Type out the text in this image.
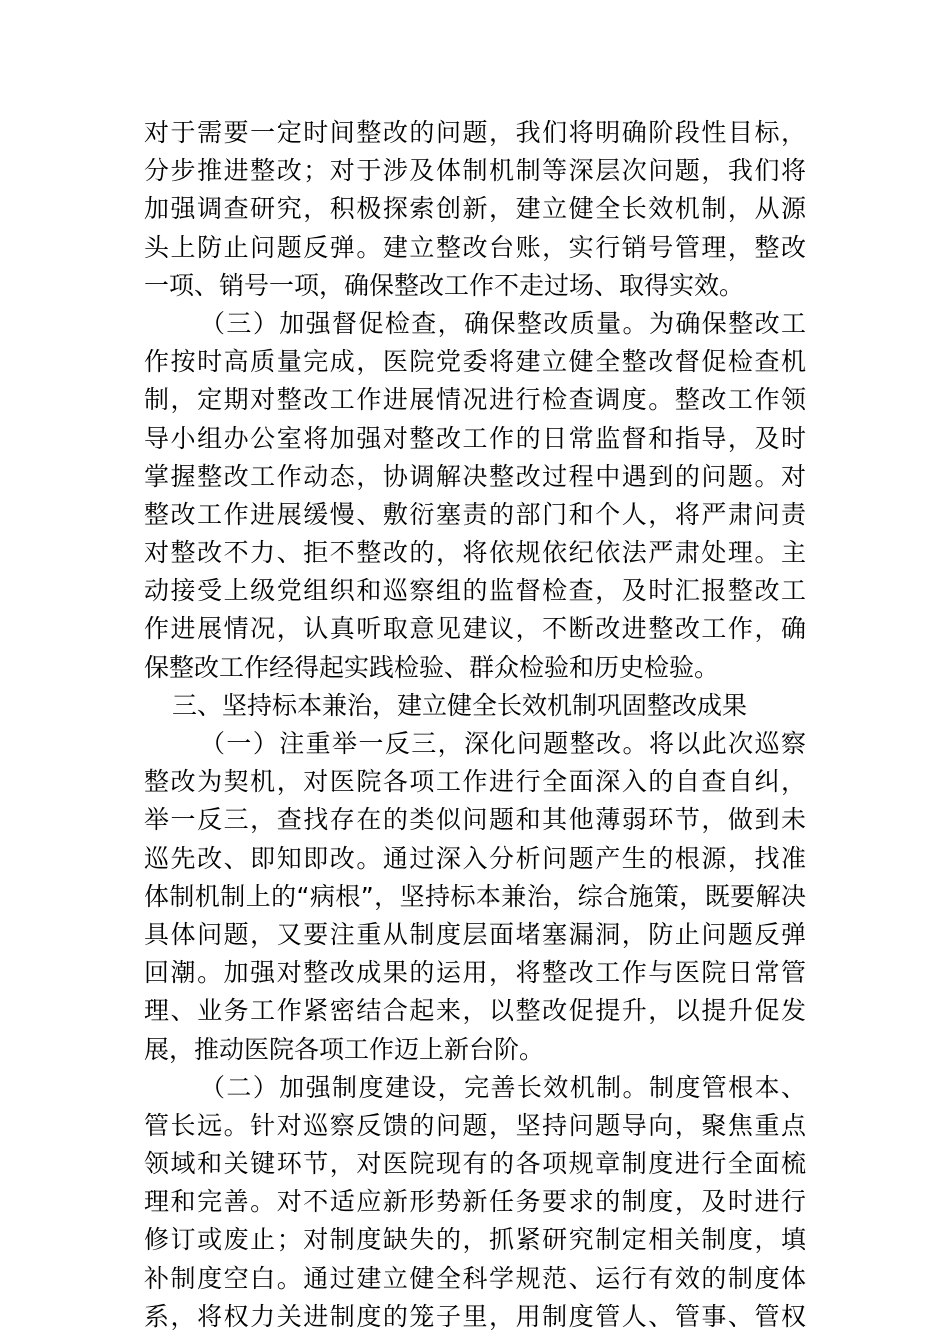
对于需要一定时间整改的问题，我们将明确阶段性目标，
分步推进整改；对于涉及体制机制等深层次问题，我们将
加强调查研究，积极探索创新，建立健全长效机制，从源
头上防止问题反弹。建立整改台账，实行销号管理，整改
一项、销号一项，确保整改工作不走过场、取得实效。
（三）加强督促检查，确保整改质量。为确保整改工
作按时高质量完成，医院党委将建立健全整改督促检查机
制，定期对整改工作进展情况进行检查调度。整改工作领
导小组办公室将加强对整改工作的日常监督和指导，及时
掌握整改工作动态，协调解决整改过程中遇到的问题。对
整改工作进展缓慢、敷衍塞责的部门和个人，将严肃问责
对整改不力、拒不整改的，将依规依纪依法严肃处理。主
动接受上级党组织和巡察组的监督检查，及时汇报整改工
作进展情况，认真听取意见建议，不断改进整改工作，确
保整改工作经得起实践检验、群众检验和历史检验。
三、坚持标本兼治，建立健全长效机制巩固整改成果
（一）注重举一反三，深化问题整改。将以此次巡察
整改为契机，对医院各项工作进行全面深入的自查自纠，
举一反三，查找存在的类似问题和其他薄弱环节，做到未
巡先改、即知即改。通过深入分析问题产生的根源，找准
体制机制上的“病根”，坚持标本兼治，综合施策，既要解决
具体问题，又要注重从制度层面堵塞漏洞，防止问题反弹
回潮。加强对整改成果的运用，将整改工作与医院日常管
理、业务工作紧密结合起来，以整改促提升，以提升促发
展，推动医院各项工作迈上新台阶。
（二）加强制度建设，完善长效机制。制度管根本、
管长远。针对巡察反馈的问题，坚持问题导向，聚焦重点
领域和关键环节，对医院现有的各项规章制度进行全面梳
理和完善。对不适应新形势新任务要求的制度，及时进行
修订或废止；对制度缺失的，抓紧研究制定相关制度，填
补制度空白。通过建立健全科学规范、运行有效的制度体
系，将权力关进制度的笼子里，用制度管人、管事、管权
